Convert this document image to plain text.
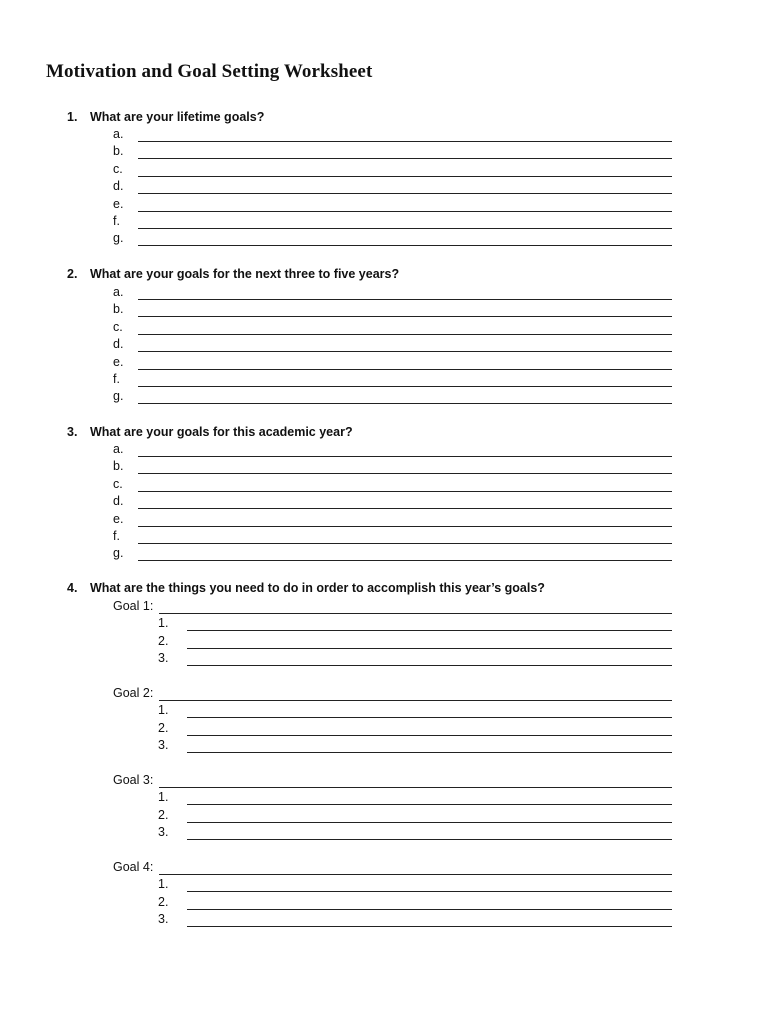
Motivation and Goal Setting Worksheet
1. What are your lifetime goals?
2. What are your goals for the next three to five years?
3. What are your goals for this academic year?
4. What are the things you need to do in order to accomplish this year’s goals?
a.
b.
c.
d.
e.
f.
g.
a.
b.
c.
d.
e.
f.
g.
a.
b.
c.
d.
e.
f.
g.
Goal 1:
1.
2.
3.
Goal 2:
1.
2.
3.
Goal 3:
1.
2.
3.
Goal 4:
1.
2.
3.
